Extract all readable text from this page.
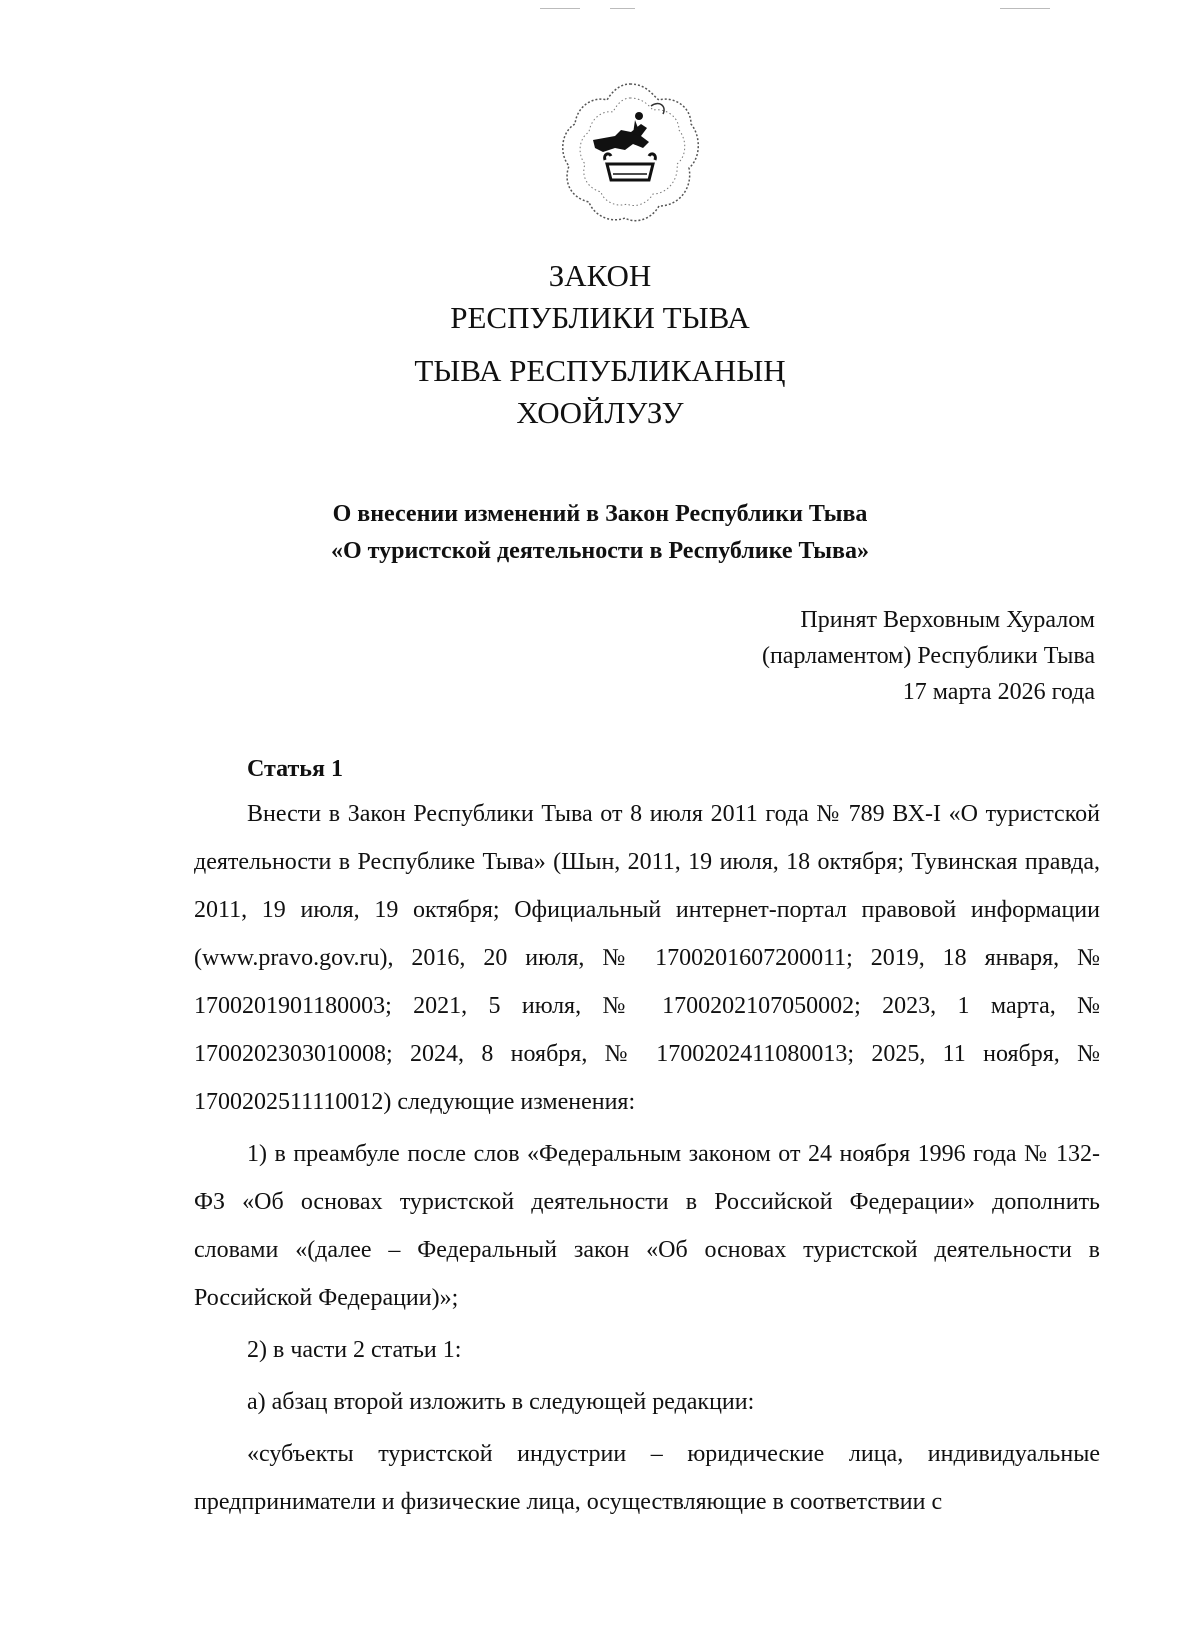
ЗАКОН
РЕСПУБЛИКИ ТЫВА
ТЫВА РЕСПУБЛИКАНЫҢ
ХООЙЛУЗУ
О внесении изменений в Закон Республики Тыва
«О туристской деятельности в Республике Тыва»
Принят Верховным Хуралом
(парламентом) Республики Тыва
17 марта 2026 года
Статья 1

Внести в Закон Республики Тыва от 8 июля 2011 года № 789 ВХ-I «О туристской деятельности в Республике Тыва» (Шын, 2011, 19 июля, 18 октября; Тувинская правда, 2011, 19 июля, 19 октября; Официальный интернет-портал правовой информации (www.pravo.gov.ru), 2016, 20 июля, № 1700201607200011; 2019, 18 января, № 1700201901180003; 2021, 5 июля, № 1700202107050002; 2023, 1 марта, № 1700202303010008; 2024, 8 ноября, № 1700202411080013; 2025, 11 ноября, № 1700202511110012) следующие изменения:

1) в преамбуле после слов «Федеральным законом от 24 ноября 1996 года № 132-ФЗ «Об основах туристской деятельности в Российской Федерации» дополнить словами «(далее – Федеральный закон «Об основах туристской деятельности в Российской Федерации)»;

2) в части 2 статьи 1:

а) абзац второй изложить в следующей редакции:

«субъекты туристской индустрии – юридические лица, индивидуальные предприниматели и физические лица, осуществляющие в соответствии с
